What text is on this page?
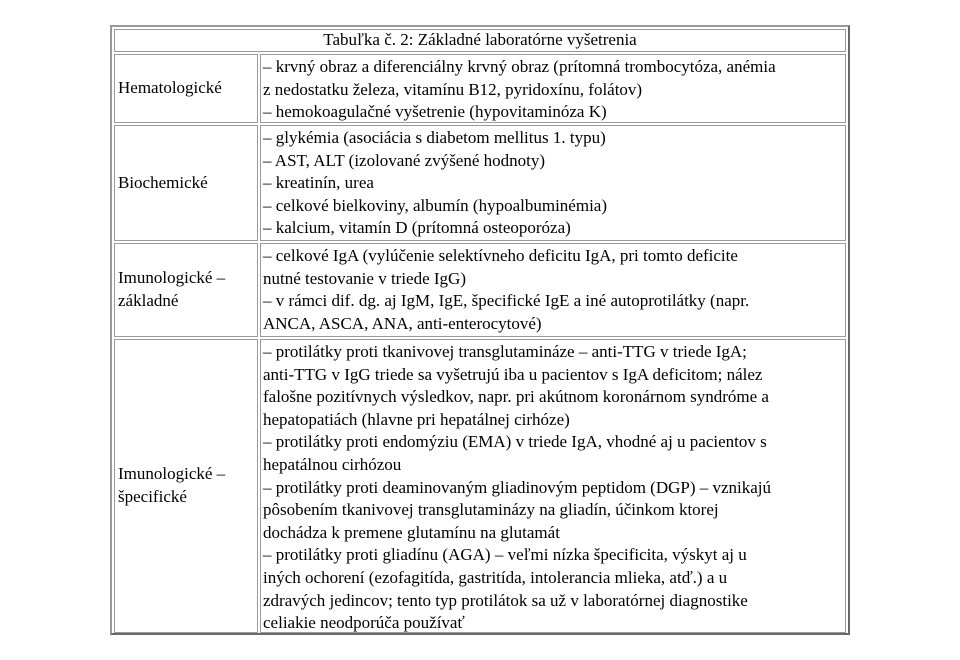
Tabuľka č. 2: Základné laboratórne vyšetrenia
Hematologické
– krvný obraz a diferenciálny krvný obraz (prítomná trombocytóza, anémia
z nedostatku železa, vitamínu B12, pyridoxínu, folátov)
– hemokoagulačné vyšetrenie (hypovitaminóza K)
Biochemické
– glykémia (asociácia s diabetom mellitus 1. typu)
– AST, ALT (izolované zvýšené hodnoty)
– kreatinín, urea
– celkové bielkoviny, albumín (hypoalbuminémia)
– kalcium, vitamín D (prítomná osteoporóza)
Imunologické –
základné
– celkové IgA (vylúčenie selektívneho deficitu IgA, pri tomto deficite
nutné testovanie v triede IgG)
– v rámci dif. dg. aj IgM, IgE, špecifické IgE a iné autoprotilátky (napr.
ANCA, ASCA, ANA, anti-enterocytové)
Imunologické –
špecifické
– protilátky proti tkanivovej transglutamináze – anti-TTG v triede IgA;
anti-TTG v IgG triede sa vyšetrujú iba u pacientov s IgA deficitom; nález
falošne pozitívnych výsledkov, napr. pri akútnom koronárnom syndróme a
hepatopatiách (hlavne pri hepatálnej cirhóze)
– protilátky proti endomýziu (EMA) v triede IgA, vhodné aj u pacientov s
hepatálnou cirhózou
– protilátky proti deaminovaným gliadinovým peptidom (DGP) – vznikajú
pôsobením tkanivovej transglutaminázy na gliadín, účinkom ktorej
dochádza k premene glutamínu na glutamát
– protilátky proti gliadínu (AGA) – veľmi nízka špecificita, výskyt aj u
iných ochorení (ezofagitída, gastritída, intolerancia mlieka, atď.) a u
zdravých jedincov; tento typ protilátok sa už v laboratórnej diagnostike
celiakie neodporúča používať
